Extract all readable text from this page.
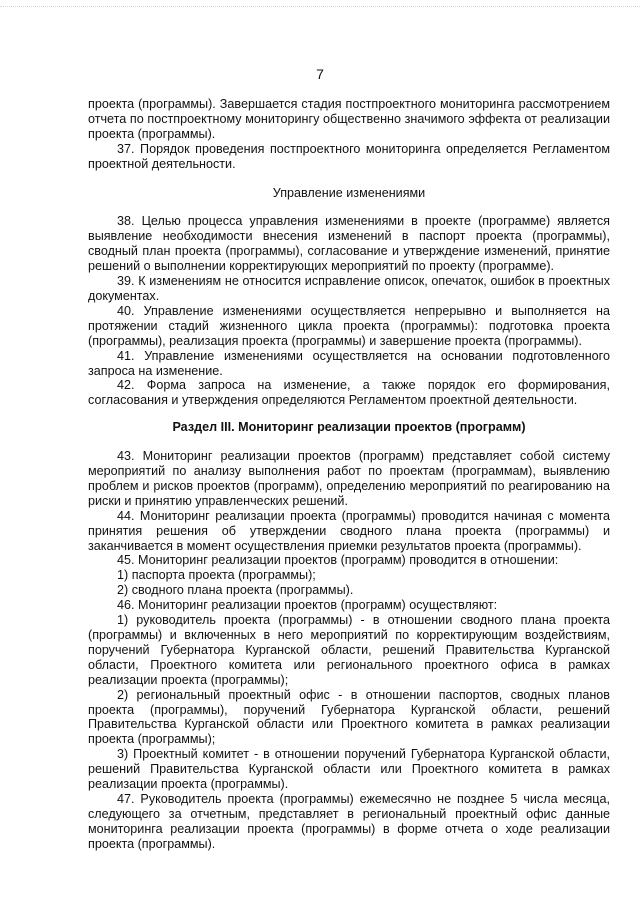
7

проекта (программы). Завершается стадия постпроектного мониторинга рассмотрением отчета по постпроектному мониторингу общественно значимого эффекта от реализации проекта (программы).

37. Порядок проведения постпроектного мониторинга определяется Регламентом проектной деятельности.

Управление изменениями

38. Целью процесса управления изменениями в проекте (программе) является выявление необходимости внесения изменений в паспорт проекта (программы), сводный план проекта (программы), согласование и утверждение изменений, принятие решений о выполнении корректирующих мероприятий по проекту (программе).

39. К изменениям не относится исправление описок, опечаток, ошибок в проектных документах.

40. Управление изменениями осуществляется непрерывно и выполняется на протяжении стадий жизненного цикла проекта (программы): подготовка проекта (программы), реализация проекта (программы) и завершение проекта (программы).

41. Управление изменениями осуществляется на основании подготовленного запроса на изменение.

42. Форма запроса на изменение, а также порядок его формирования, согласования и утверждения определяются Регламентом проектной деятельности.

Раздел III. Мониторинг реализации проектов (программ)

43. Мониторинг реализации проектов (программ) представляет собой систему мероприятий по анализу выполнения работ по проектам (программам), выявлению проблем и рисков проектов (программ), определению мероприятий по реагированию на риски и принятию управленческих решений.

44. Мониторинг реализации проекта (программы) проводится начиная с момента принятия решения об утверждении сводного плана проекта (программы) и заканчивается в момент осуществления приемки результатов проекта (программы).

45. Мониторинг реализации проектов (программ) проводится в отношении:

1) паспорта проекта (программы);

2) сводного плана проекта (программы).

46. Мониторинг реализации проектов (программ) осуществляют:

1) руководитель проекта (программы) - в отношении сводного плана проекта (программы) и включенных в него мероприятий по корректирующим воздействиям, поручений Губернатора Курганской области, решений Правительства Курганской области, Проектного комитета или регионального проектного офиса в рамках реализации проекта (программы);

2) региональный проектный офис - в отношении паспортов, сводных планов проекта (программы), поручений Губернатора Курганской области, решений Правительства Курганской области или Проектного комитета в рамках реализации проекта (программы);

3) Проектный комитет - в отношении поручений Губернатора Курганской области, решений Правительства Курганской области или Проектного комитета в рамках реализации проекта (программы).

47. Руководитель проекта (программы) ежемесячно не позднее 5 числа месяца, следующего за отчетным, представляет в региональный проектный офис данные мониторинга реализации проекта (программы) в форме отчета о ходе реализации проекта (программы).
